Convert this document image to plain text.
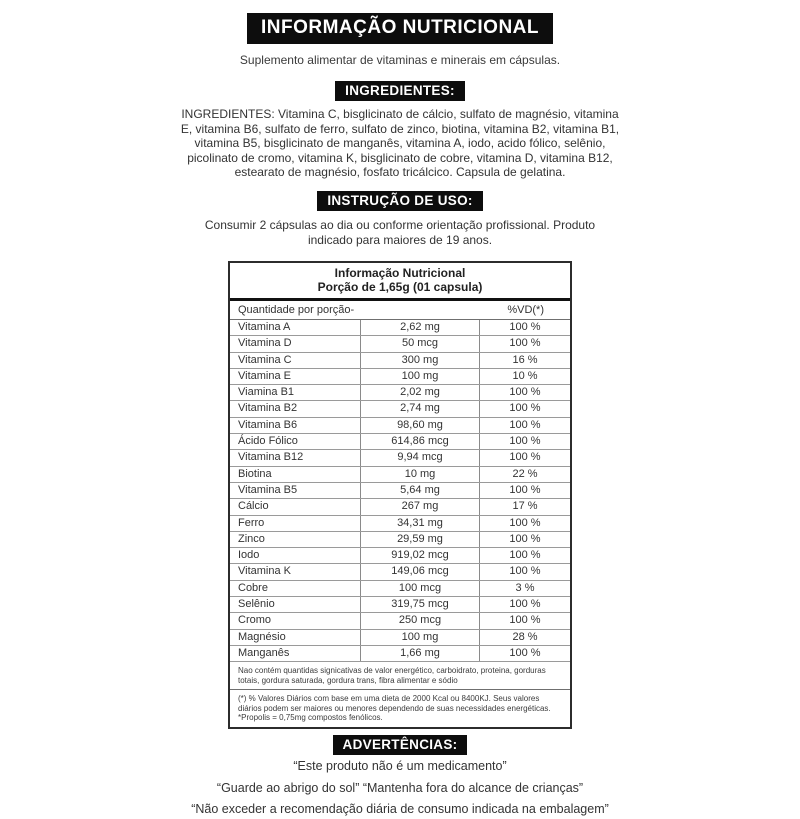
INFORMAÇÃO NUTRICIONAL
Suplemento alimentar de vitaminas e minerais em cápsulas.
INGREDIENTES:
INGREDIENTES: Vitamina C, bisglicinato de cálcio, sulfato de magnésio, vitamina E, vitamina B6, sulfato de ferro, sulfato de zinco, biotina, vitamina B2, vitamina B1, vitamina B5, bisglicinato de manganês, vitamina A, iodo, acido fólico, selênio, picolinato de cromo, vitamina K, bisglicinato de cobre, vitamina D, vitamina B12, estearato de magnésio, fosfato tricálcico. Capsula de gelatina.
INSTRUÇÃO DE USO:
Consumir 2 cápsulas ao dia ou conforme orientação profissional. Produto indicado para maiores de 19 anos.
Informação Nutricional
Porção de 1,65g (01 capsula)
Quantidade por porção-	%VD(*)
Vitamina A	2,62 mg	100 %
Vitamina D	50 mcg	100 %
Vitamina C	300 mg	16 %
Vitamina E	100 mg	10 %
Viamina B1	2,02 mg	100 %
Vitamina B2	2,74 mg	100 %
Vitamina B6	98,60 mg	100 %
Ácido Fólico	614,86 mcg	100 %
Vitamina B12	9,94 mcg	100 %
Biotina	10 mg	22 %
Vitamina B5	5,64 mg	100 %
Cálcio	267 mg	17 %
Ferro	34,31 mg	100 %
Zinco	29,59 mg	100 %
Iodo	919,02 mcg	100 %
Vitamina K	149,06 mcg	100 %
Cobre	100 mcg	3 %
Selênio	319,75 mcg	100 %
Cromo	250 mcg	100 %
Magnésio	100 mg	28 %
Manganês	1,66 mg	100 %
Nao contém quantidas signicativas de valor energético, carboidrato, proteina, gorduras totais, gordura saturada, gordura trans, fibra alimentar e sódio

(*) % Valores Diários com base em uma dieta de 2000 Kcal ou 8400KJ. Seus valores diários podem ser maiores ou menores dependendo de suas necessidades energéticas.

*Propolis = 0,75mg compostos fenólicos.

ADVERTÊNCIAS:
“Este produto não é um medicamento”
“Guarde ao abrigo do sol” “Mantenha fora do alcance de crianças”
“Não exceder a recomendação diária de consumo indicada na embalagem”
